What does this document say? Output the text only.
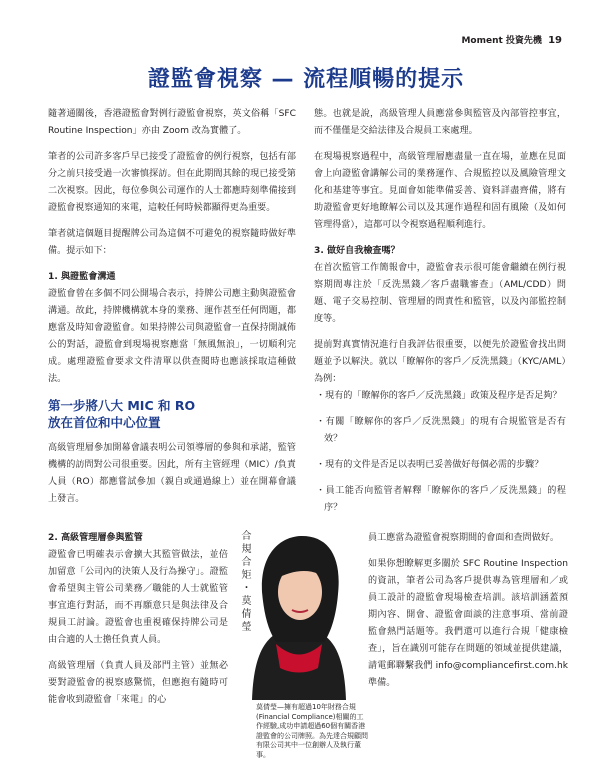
Moment 投資先機 19
證監會視察 — 流程順暢的提示

隨著通關後，香港證監會對例行證監會視察，英文俗稱「SFC Routine Inspection」亦由 Zoom 改為實體了。

筆者的公司許多客戶早已接受了證監會的例行視察，包括有部分之前只接受過一次審慎探訪。但在此期間其餘的現已接受第二次視察。因此，每位參與公司運作的人士都應時刻準備接到證監會視察通知的來電，這較任何時候都顯得更為重要。

筆者就這個題目提醒牌公司為這個不可避免的視察隨時做好準備。提示如下：

1. 與證監會溝通

證監會曾在多個不同公開場合表示，持牌公司應主動與證監會溝通。故此，持牌機構就本身的業務、運作甚至任何問題，都應當及時知會證監會。如果持牌公司與證監會一直保持開誠佈公的對話，證監會到現場視察應當「無風無浪」，一切順利完成。處理證監會要求文件清單以供查閱時也應該採取這種做法。

第一步將八大 MIC 和 RO
放在首位和中心位置

高級管理層參加開幕會議表明公司領導層的參與和承諾，監管機構的訪問對公司很重要。因此，所有主管經理（MIC）/負責人員（RO）都應嘗試參加（親自或通過線上）並在開幕會議上發言。

態。也就是說，高級管理人員應當參與監管及內部管控事宜，而不僅僅是交給法律及合規員工來處理。

在現場視察過程中，高級管理層應盡量一直在場，並應在見面會上向證監會講解公司的業務運作、合規監控以及風險管理文化和基建等事宜。見面會如能準備妥善、資料詳盡齊備，將有助證監會更好地瞭解公司以及其運作過程和固有風險（及如何管理得當），這都可以令視察過程順利進行。

3. 做好自我檢查嗎？

在首次監管工作簡報會中，證監會表示很可能會繼續在例行視察期間專注於「反洗黑錢／客戶盡職審查」（AML/CDD）問題、電子交易控制、管理層的問責性和監管，以及內部監控制度等。

提前對真實情況進行自我評估很重要，以便先於證監會找出問題並予以解決。就以「瞭解你的客戶／反洗黑錢」（KYC/AML）為例：

・現有的「瞭解你的客戶／反洗黑錢」政策及程序是否足夠？

・有關「瞭解你的客戶／反洗黑錢」的現有合規監管是否有效？

・現有的文件是否足以表明已妥善做好每個必需的步驟？

・員工能否向監管者解釋「瞭解你的客戶／反洗黑錢」的程序？

2. 高級管理層參與監管

證監會已明確表示會擴大其監管做法，並倍加留意「公司內的決策人及行為操守」。證監會希望與主管公司業務／職能的人士就監管事宜進行對話，而不再願意只是與法律及合規員工討論。證監會也重視確保持牌公司是由合適的人士擔任負責人員。

高級管理層（負責人員及部門主管）並無必要對證監會的視察感驚慌，但應抱有隨時可能會收到證監會「來電」的心

合規合矩・莫倩瑩
莫倩瑩—擁有超過10年財務合規(Financial Compliance)相關的工作經驗,成功申請超過60個有關香港證監會的公司牌照。為先達合規顧問有限公司其中一位創辦人及執行董事。

員工應當為證監會視察期間的會面和查問做好。

如果你想瞭解更多關於 SFC Routine Inspection 的資訊，筆者公司為客戶提供專為管理層和／或員工設計的證監會現場檢查培訓。該培訓涵蓋預期內容、開會、證監會面談的注意事項、當前證監會熱門話題等。我們還可以進行合規「健康檢查」，旨在識別可能存在問題的領域並提供建議，請電郵聯繫我們 info@compliancefirst.com.hk 準備。
